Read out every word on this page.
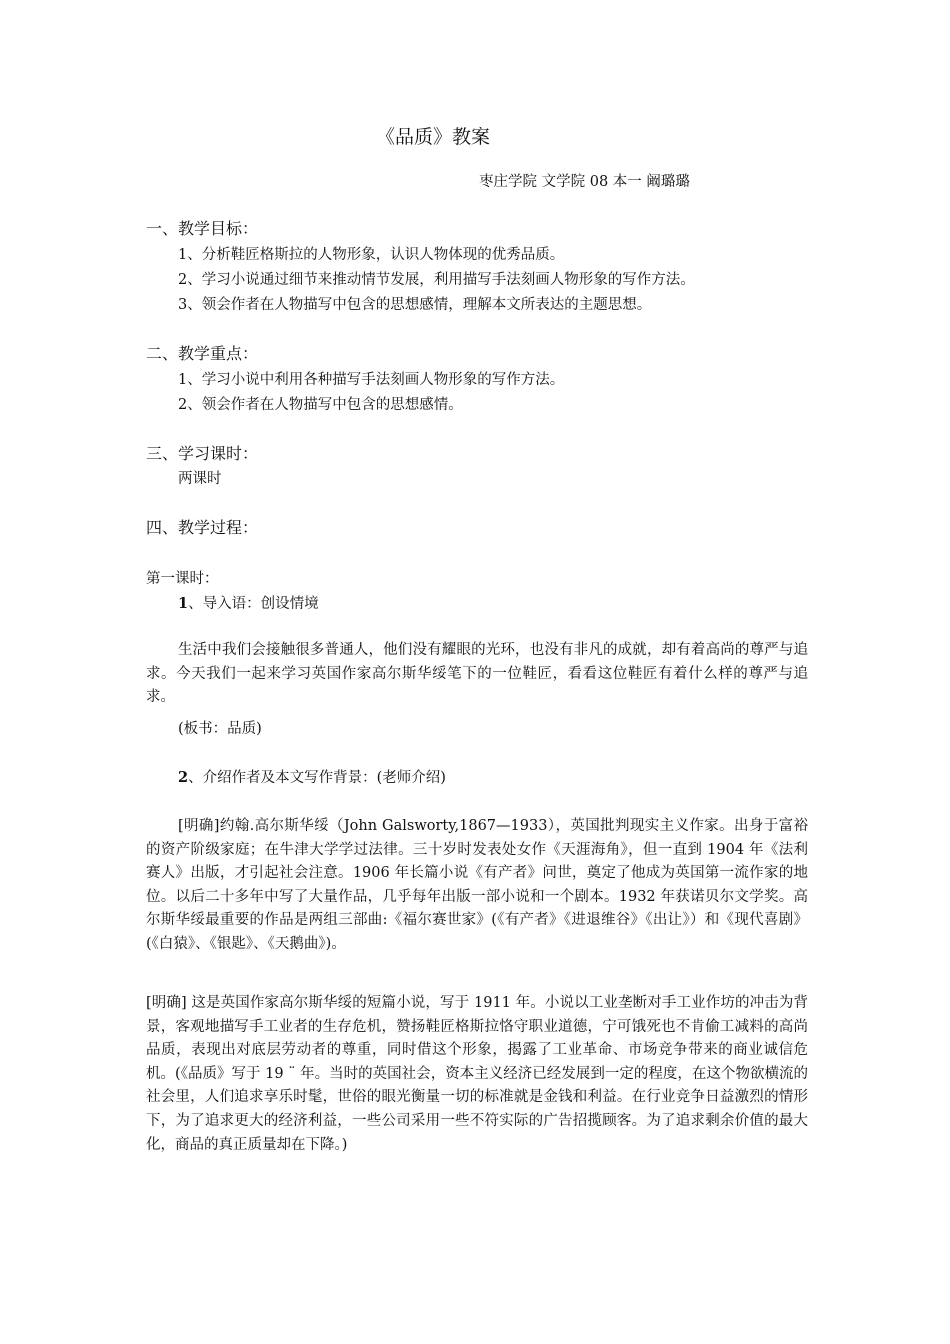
《品质》教案
枣庄学院 文学院 08 本一 阚璐璐
一、教学目标：
1、分析鞋匠格斯拉的人物形象，认识人物体现的优秀品质。
2、学习小说通过细节来推动情节发展，利用描写手法刻画人物形象的写作方法。
3、领会作者在人物描写中包含的思想感情，理解本文所表达的主题思想。
二、教学重点：
1、学习小说中利用各种描写手法刻画人物形象的写作方法。
2、领会作者在人物描写中包含的思想感情。
三、学习课时：
两课时
四、教学过程：
第一课时：
1、导入语：创设情境
生活中我们会接触很多普通人，他们没有耀眼的光环，也没有非凡的成就，却有着高尚的尊严与追求。今天我们一起来学习英国作家高尔斯华绥笔下的一位鞋匠，看看这位鞋匠有着什么样的尊严与追求。
(板书：品质)
2、介绍作者及本文写作背景：(老师介绍)
[明确]约翰.高尔斯华绥（John Galsworty,1867—1933），英国批判现实主义作家。出身于富裕的资产阶级家庭；在牛津大学学过法律。三十岁时发表处女作《天涯海角》，但一直到 1904 年《法利赛人》出版，才引起社会注意。1906 年长篇小说《有产者》问世，奠定了他成为英国第一流作家的地位。以后二十多年中写了大量作品，几乎每年出版一部小说和一个剧本。1932 年获诺贝尔文学奖。高尔斯华绥最重要的作品是两组三部曲:《福尔赛世家》(《有产者》《进退维谷》《出让》）和《现代喜剧》(《白猿》、《银匙》、《天鹅曲》)。
[明确] 这是英国作家高尔斯华绥的短篇小说，写于 1911 年。小说以工业垄断对手工业作坊的冲击为背景，客观地描写手工业者的生存危机，赞扬鞋匠格斯拉恪守职业道德，宁可饿死也不肯偷工减料的高尚品质，表现出对底层劳动者的尊重，同时借这个形象，揭露了工业革命、市场竞争带来的商业诚信危机。(《品质》写于 19 ¨ 年。当时的英国社会，资本主义经济已经发展到一定的程度，在这个物欲横流的社会里，人们追求享乐时髦，世俗的眼光衡量一切的标准就是金钱和利益。在行业竞争日益激烈的情形下，为了追求更大的经济利益，一些公司采用一些不符实际的广告招揽顾客。为了追求剩余价值的最大化，商品的真正质量却在下降。)
